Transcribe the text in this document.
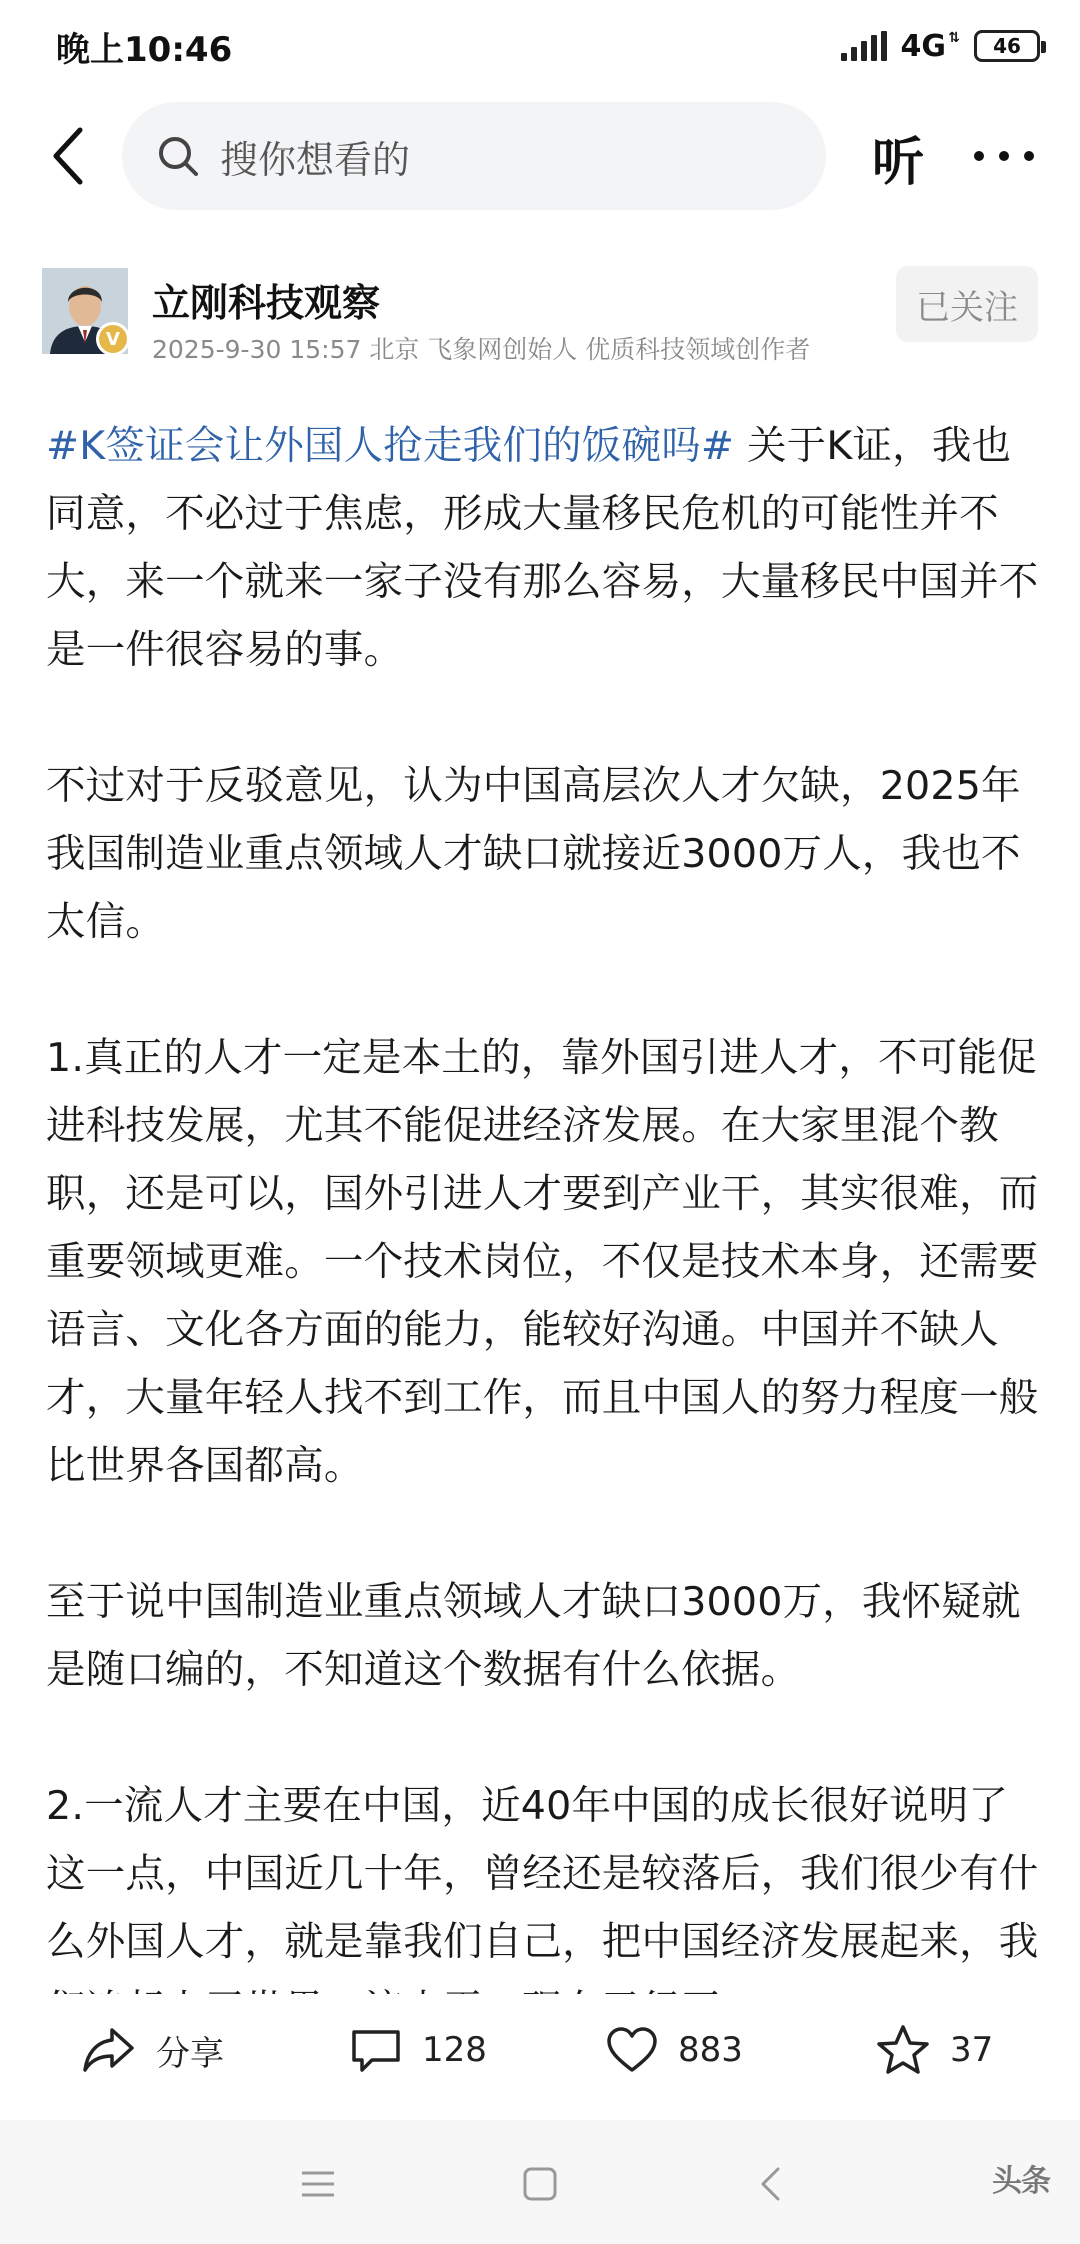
晚上10:46	4G ⇅ 46
搜你想看的	听
V
立刚科技观察
2025-9-30 15:57 北京 飞象网创始人 优质科技领域创作者
已关注

#K签证会让外国人抢走我们的饭碗吗# 关于K证，我也同意，不必过于焦虑，形成大量移民危机的可能性并不大，来一个就来一家子没有那么容易，大量移民中国并不是一件很容易的事。

不过对于反驳意见，认为中国高层次人才欠缺，2025年我国制造业重点领域人才缺口就接近3000万人，我也不太信。

1.真正的人才一定是本土的，靠外国引进人才，不可能促进科技发展，尤其不能促进经济发展。在大家里混个教职，还是可以，国外引进人才要到产业干，其实很难，而重要领域更难。一个技术岗位，不仅是技术本身，还需要语言、文化各方面的能力，能较好沟通。中国并不缺人才，大量年轻人找不到工作，而且中国人的努力程度一般比世界各国都高。

至于说中国制造业重点领域人才缺口3000万，我怀疑就是随口编的，不知道这个数据有什么依据。

2.一流人才主要在中国，近40年中国的成长很好说明了这一点，中国近几十年，曾经还是较落后，我们很少有什么外国人才，就是靠我们自己，把中国经济发展起来，我

分享	128	883	37
头条
